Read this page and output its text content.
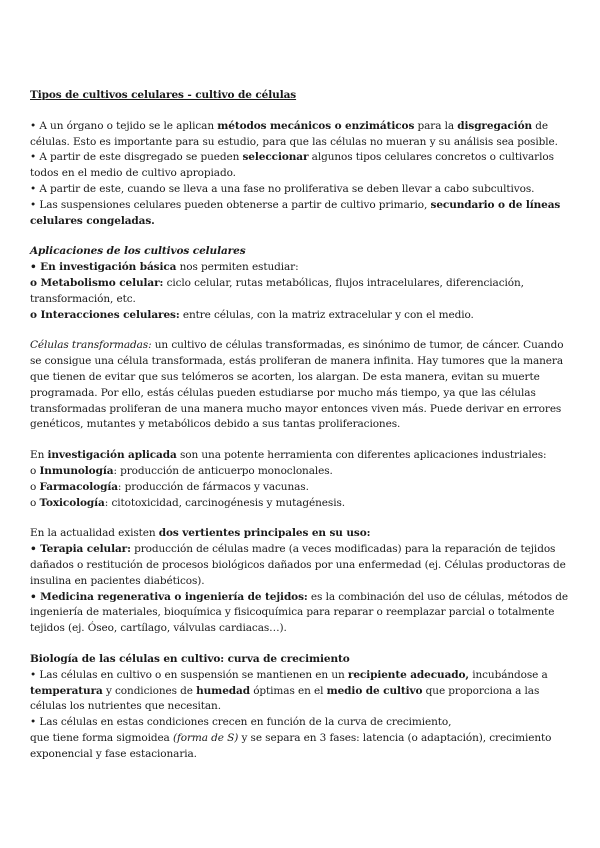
Tipos de cultivos celulares - cultivo de células

• A un órgano o tejido se le aplican métodos mecánicos o enzimáticos para la disgregación de células. Esto es importante para su estudio, para que las células no mueran y su análisis sea posible.

• A partir de este disgregado se pueden seleccionar algunos tipos celulares concretos o cultivarlos todos en el medio de cultivo apropiado.

• A partir de este, cuando se lleva a una fase no proliferativa se deben llevar a cabo subcultivos.

• Las suspensiones celulares pueden obtenerse a partir de cultivo primario, secundario o de líneas celulares congeladas.

Aplicaciones de los cultivos celulares

• En investigación básica nos permiten estudiar:

o Metabolismo celular: ciclo celular, rutas metabólicas, flujos intracelulares, diferenciación, transformación, etc.

o Interacciones celulares: entre células, con la matriz extracelular y con el medio.

Células transformadas: un cultivo de células transformadas, es sinónimo de tumor, de cáncer. Cuando se consigue una célula transformada, estás proliferan de manera infinita. Hay tumores que la manera que tienen de evitar que sus telómeros se acorten, los alargan. De esta manera, evitan su muerte programada. Por ello, estás células pueden estudiarse por mucho más tiempo, ya que las células transformadas proliferan de una manera mucho mayor entonces viven más. Puede derivar en errores genéticos, mutantes y metabólicos debido a sus tantas proliferaciones.

En investigación aplicada son una potente herramienta con diferentes aplicaciones industriales:

o Inmunología: producción de anticuerpo monoclonales.

o Farmacología: producción de fármacos y vacunas.

o Toxicología: citotoxicidad, carcinogénesis y mutagénesis.

En la actualidad existen dos vertientes principales en su uso:

• Terapia celular: producción de células madre (a veces modificadas) para la reparación de tejidos dañados o restitución de procesos biológicos dañados por una enfermedad (ej. Células productoras de insulina en pacientes diabéticos).

• Medicina regenerativa o ingeniería de tejidos: es la combinación del uso de células, métodos de ingeniería de materiales, bioquímica y fisicoquímica para reparar o reemplazar parcial o totalmente tejidos (ej. Óseo, cartílago, válvulas cardiacas…).

Biología de las células en cultivo: curva de crecimiento

• Las células en cultivo o en suspensión se mantienen en un recipiente adecuado, incubándose a temperatura y condiciones de humedad óptimas en el medio de cultivo que proporciona a las células los nutrientes que necesitan.

• Las células en estas condiciones crecen en función de la curva de crecimiento,

que tiene forma sigmoidea (forma de S) y se separa en 3 fases: latencia (o adaptación), crecimiento exponencial y fase estacionaria.
